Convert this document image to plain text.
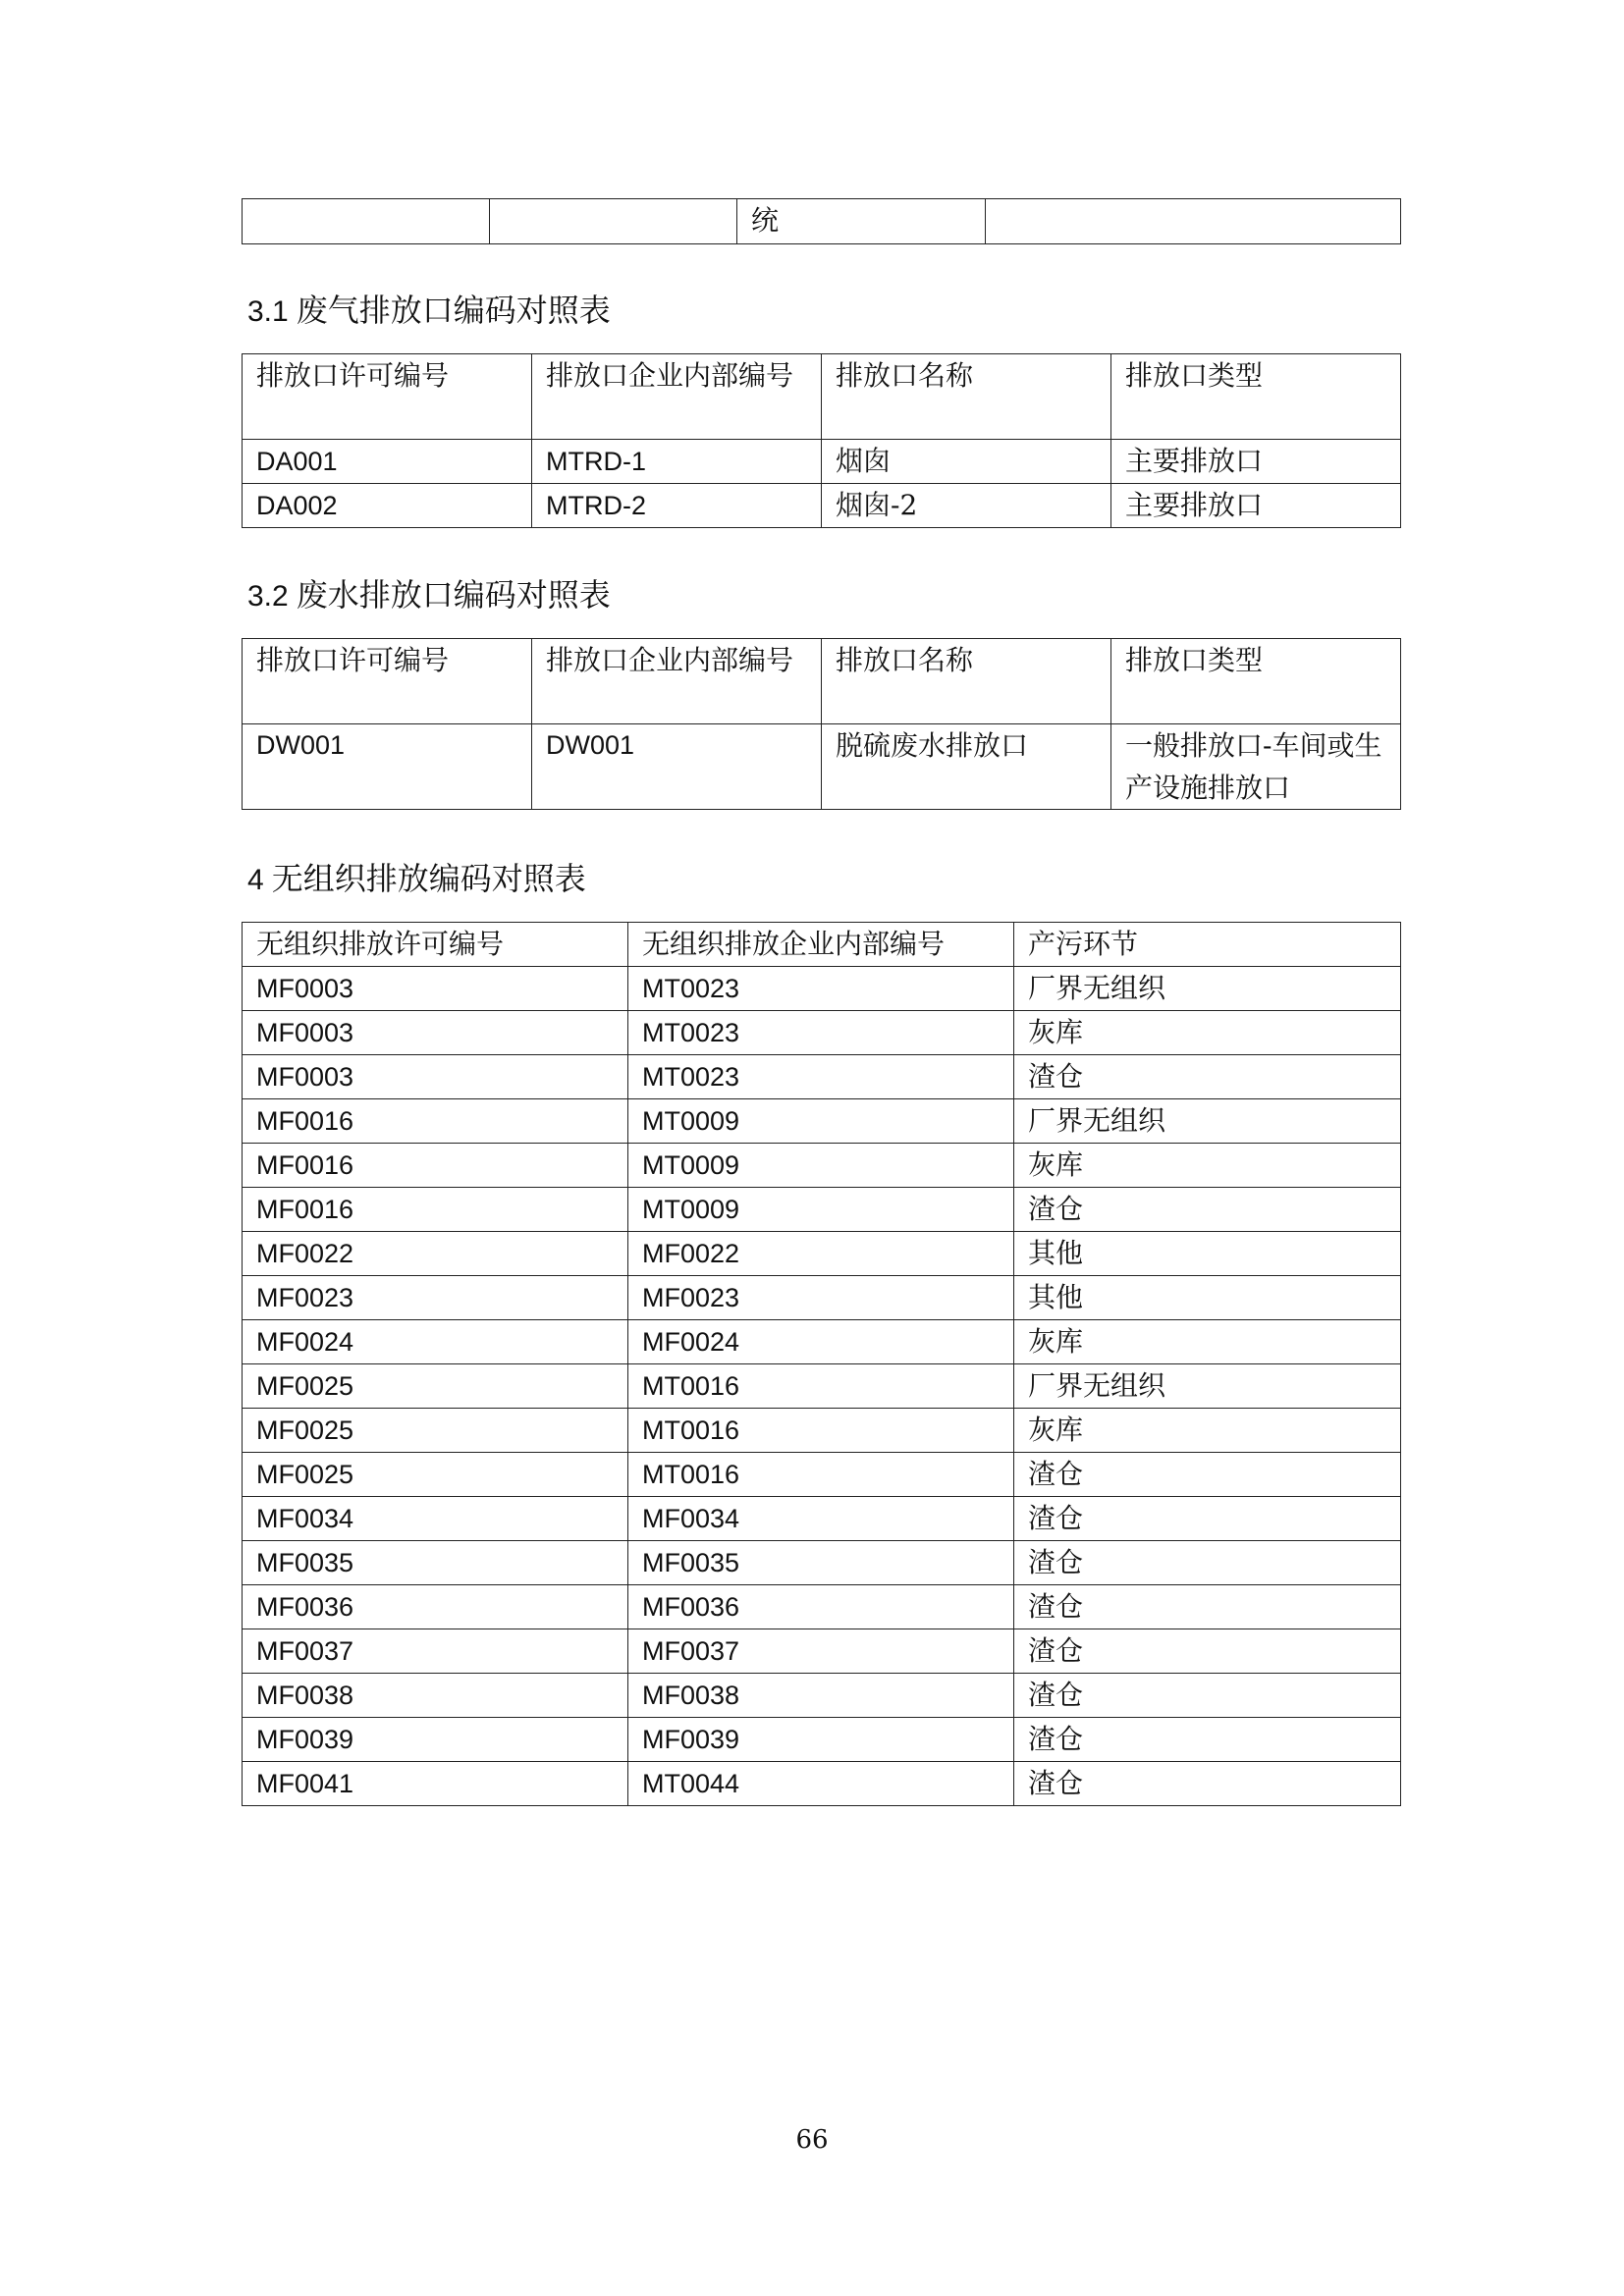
		统	
3.1 废气排放口编码对照表
排放口许可编号	排放口企业内部编号	排放口名称	排放口类型
DA001	MTRD-1	烟囱	主要排放口
DA002	MTRD-2	烟囱-2	主要排放口
3.2 废水排放口编码对照表
排放口许可编号	排放口企业内部编号	排放口名称	排放口类型
DW001	DW001	脱硫废水排放口	一般排放口-车间或生产设施排放口
4 无组织排放编码对照表
无组织排放许可编号	无组织排放企业内部编号	产污环节
MF0003	MT0023	厂界无组织
MF0003	MT0023	灰库
MF0003	MT0023	渣仓
MF0016	MT0009	厂界无组织
MF0016	MT0009	灰库
MF0016	MT0009	渣仓
MF0022	MF0022	其他
MF0023	MF0023	其他
MF0024	MF0024	灰库
MF0025	MT0016	厂界无组织
MF0025	MT0016	灰库
MF0025	MT0016	渣仓
MF0034	MF0034	渣仓
MF0035	MF0035	渣仓
MF0036	MF0036	渣仓
MF0037	MF0037	渣仓
MF0038	MF0038	渣仓
MF0039	MF0039	渣仓
MF0041	MT0044	渣仓
66
